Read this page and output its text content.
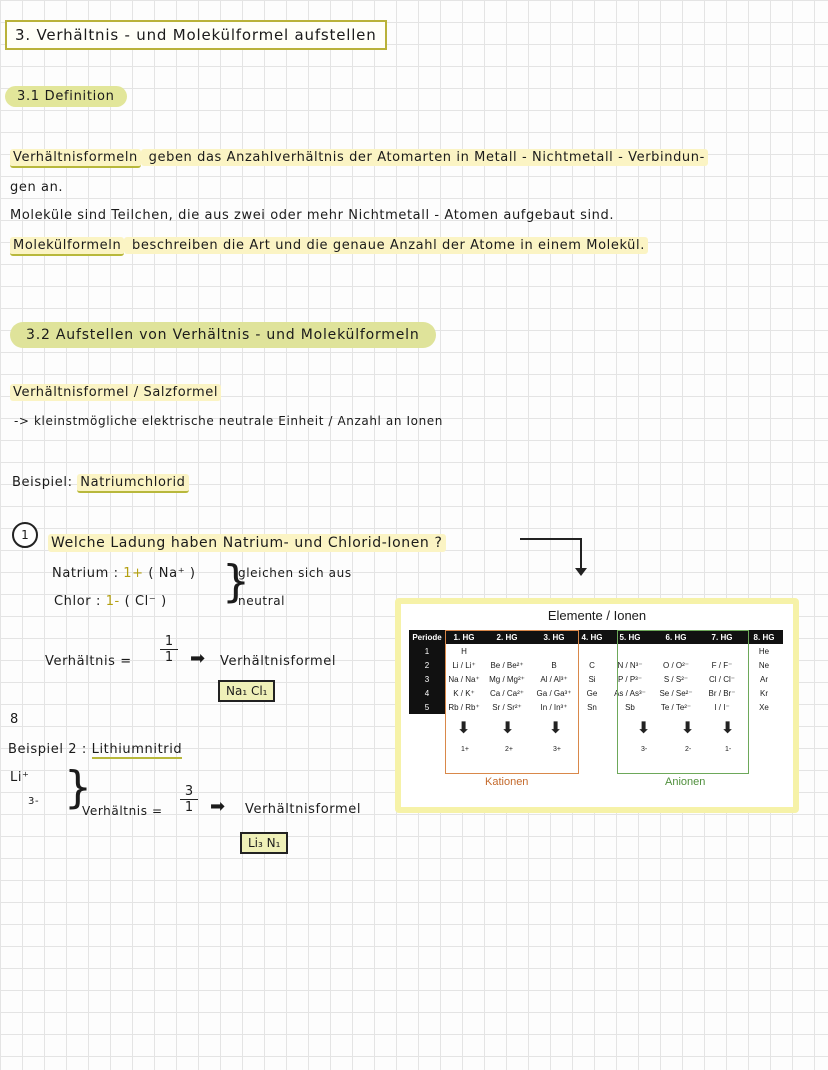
3. Verhältnis - und Molekülformel aufstellen
3.1 Definition
Verhältnisformeln geben das Anzahlverhältnis der Atomarten in Metall - Nichtmetall - Verbindun-
gen an.
Moleküle sind Teilchen, die aus zwei oder mehr Nichtmetall - Atomen aufgebaut sind.
Molekülformeln beschreiben die Art und die genaue Anzahl der Atome in einem Molekül.
3.2 Aufstellen von Verhältnis - und Molekülformeln
Verhältnisformel / Salzformel
-> kleinstmögliche elektrische neutrale Einheit / Anzahl an Ionen
Beispiel: Natriumchlorid
1	Welche Ladung haben Natrium- und Chlorid-Ionen ?
Natrium : 1+ ( Na⁺ )
Chlor : 1- ( Cl⁻ ) }
gleichen sich aus
neutral
Verhältnis = $\frac{1}{1}$ ➡ Verhältnisformel
Na₁ Cl₁
8
Beispiel 2 : Lithiumnitrid
Li⁺
3- }
Verhältnis = $\frac{3}{1}$ ➡ Verhältnisformel
Li₃ N₁
Elemente / Ionen
Periode	1. HG	2. HG	3. HG	4. HG	5. HG	6. HG	7. HG	8. HG
1	H							He
2	Li / Li⁺	Be / Be²⁺	B	C	N / N³⁻	O / O²⁻	F / F⁻	Ne
3	Na / Na⁺	Mg / Mg²⁺	Al / Al³⁺	Si	P / P³⁻	S / S²⁻	Cl / Cl⁻	Ar
4	K / K⁺	Ca / Ca²⁺	Ga / Ga³⁺	Ge	As / As³⁻	Se / Se²⁻	Br / Br⁻	Kr
5	Rb / Rb⁺	Sr / Sr²⁺	In / In³⁺	Sn	Sb	Te / Te²⁻	I / I⁻	Xe
⬇ ⬇ ⬇
1+	2+	3+
Kationen
⬇ ⬇ ⬇
3-	2-	1-
Anionen
